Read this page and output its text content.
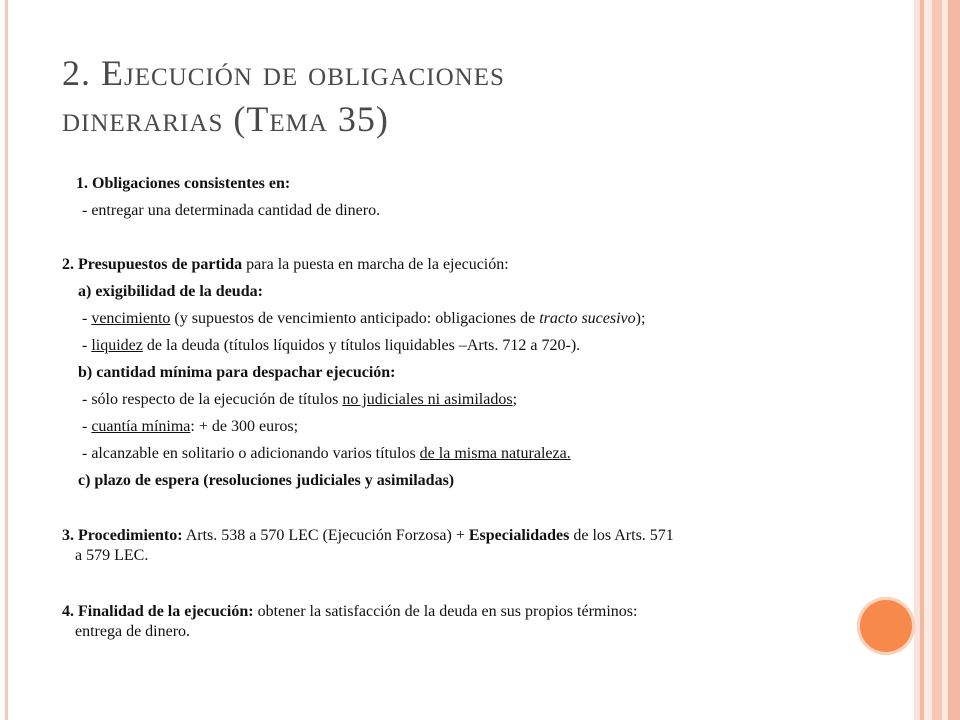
2. Ejecución de obligaciones
dinerarias (Tema 35)
1. Obligaciones consistentes en:
- entregar una determinada cantidad de dinero.
2. Presupuestos de partida para la puesta en marcha de la ejecución:
a) exigibilidad de la deuda:
- vencimiento (y supuestos de vencimiento anticipado: obligaciones de tracto sucesivo);
- liquidez de la deuda (títulos líquidos y títulos liquidables –Arts. 712 a 720-).
b) cantidad mínima para despachar ejecución:
- sólo respecto de la ejecución de títulos no judiciales ni asimilados;
- cuantía mínima: + de 300 euros;
- alcanzable en solitario o adicionando varios títulos de la misma naturaleza.
c) plazo de espera (resoluciones judiciales y asimiladas)
3. Procedimiento: Arts. 538 a 570 LEC (Ejecución Forzosa) + Especialidades de los Arts. 571
a 579 LEC.
4. Finalidad de la ejecución: obtener la satisfacción de la deuda en sus propios términos:
entrega de dinero.
